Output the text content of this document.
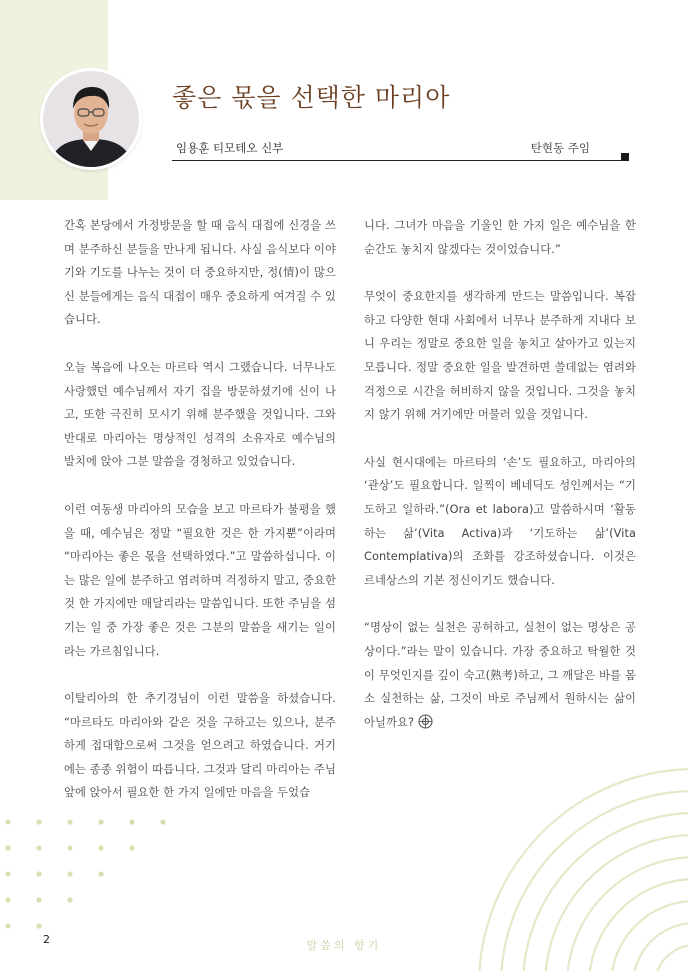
좋은 몫을 선택한 마리아
임용훈 티모테오 신부	탄현동 주임

간혹 본당에서 가정방문을 할 때 음식 대접에 신경을 쓰며 분주하신 분들을 만나게 됩니다. 사실 음식보다 이야기와 기도를 나누는 것이 더 중요하지만, 정(情)이 많으신 분들에게는 음식 대접이 매우 중요하게 여겨질 수 있습니다.

오늘 복음에 나오는 마르타 역시 그랬습니다. 너무나도 사랑했던 예수님께서 자기 집을 방문하셨기에 신이 나고, 또한 극진히 모시기 위해 분주했을 것입니다. 그와 반대로 마리아는 명상적인 성격의 소유자로 예수님의 발치에 앉아 그분 말씀을 경청하고 있었습니다.

이런 여동생 마리아의 모습을 보고 마르타가 불평을 했을 때, 예수님은 정말 “필요한 것은 한 가지뿐”이라며 “마리아는 좋은 몫을 선택하였다.”고 말씀하십니다. 이는 많은 일에 분주하고 염려하며 걱정하지 말고, 중요한 것 한 가지에만 매달리라는 말씀입니다. 또한 주님을 섬기는 일 중 가장 좋은 것은 그분의 말씀을 새기는 일이라는 가르침입니다.

이탈리아의 한 추기경님이 이런 말씀을 하셨습니다. “마르타도 마리아와 같은 것을 구하고는 있으나, 분주하게 접대함으로써 그것을 얻으려고 하였습니다. 거기에는 종종 위험이 따릅니다. 그것과 달리 마리아는 주님 앞에 앉아서 필요한 한 가지 일에만 마음을 두었습

니다. 그녀가 마음을 기울인 한 가지 일은 예수님을 한순간도 놓치지 않겠다는 것이었습니다.”

무엇이 중요한지를 생각하게 만드는 말씀입니다. 복잡하고 다양한 현대 사회에서 너무나 분주하게 지내다 보니 우리는 정말로 중요한 일을 놓치고 살아가고 있는지 모릅니다. 정말 중요한 일을 발견하면 쓸데없는 염려와 걱정으로 시간을 허비하지 않을 것입니다. 그것을 놓치지 않기 위해 거기에만 머물러 있을 것입니다.

사실 현시대에는 마르타의 ‘손’도 필요하고, 마리아의 ‘관상’도 필요합니다. 일찍이 베네딕도 성인께서는 “기도하고 일하라.”(Ora et labora)고 말씀하시며 ‘활동하는 삶’(Vita Activa)과 ‘기도하는 삶’(Vita Contemplativa)의 조화를 강조하셨습니다. 이것은 르네상스의 기본 정신이기도 했습니다.

“명상이 없는 실천은 공허하고, 실천이 없는 명상은 공상이다.”라는 말이 있습니다. 가장 중요하고 탁월한 것이 무엇인지를 깊이 숙고(熟考)하고, 그 깨달은 바를 몸소 실천하는 삶, 그것이 바로 주님께서 원하시는 삶이 아닐까요?

2	말씀의 향기
